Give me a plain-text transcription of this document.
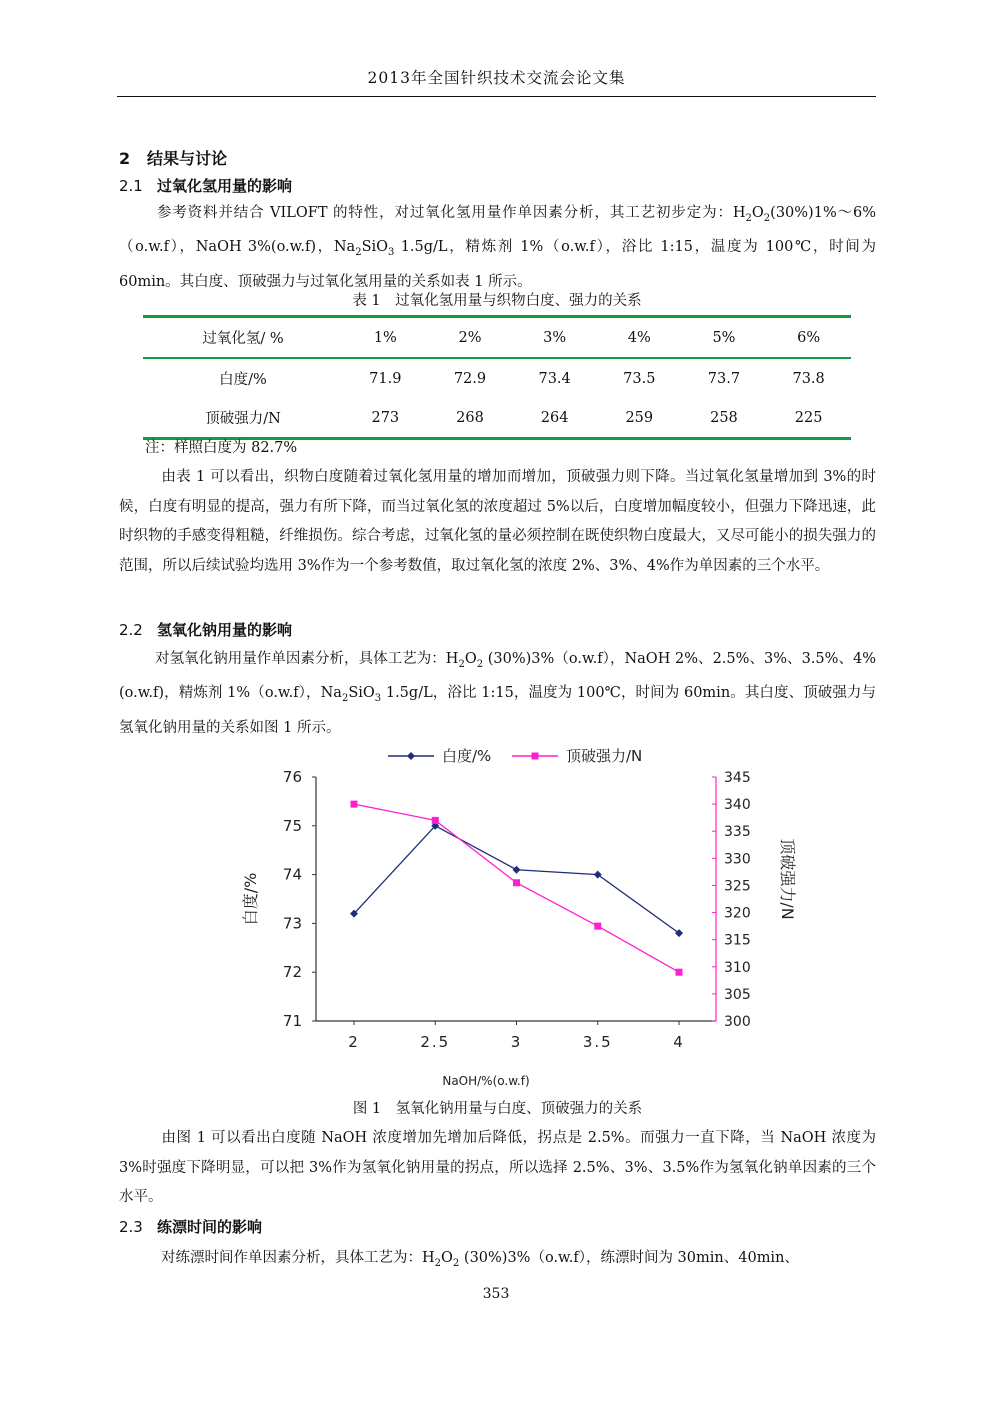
2013年全国针织技术交流会论文集
2 结果与讨论
2.1 过氧化氢用量的影响
参考资料并结合 VILOFT 的特性，对过氧化氢用量作单因素分析，其工艺初步定为：$H_2O_2(30\%)1\%\sim 6\%(o.w.f)$，NaOH 3%(o.w.f)，$Na_2SiO_3$ 1.5g/L，精炼剂 1%（o.w.f），浴比 1:15，温度为 100℃，时间为 60min。其白度、顶破强力与过氧化氢用量的关系如表 1 所示。
表 1　过氧化氢用量与织物白度、强力的关系
过氧化氢/ %	1%	2%	3%	4%	5%	6%
白度/%	71.9	72.9	73.4	73.5	73.7	73.8
顶破强力/N	273	268	264	259	258	225
注：样照白度为 82.7%
由表 1 可以看出，织物白度随着过氧化氢用量的增加而增加，顶破强力则下降。当过氧化氢量增加到 3%的时候，白度有明显的提高，强力有所下降，而当过氧化氢的浓度超过 5%以后，白度增加幅度较小，但强力下降迅速，此时织物的手感变得粗糙，纤维损伤。综合考虑，过氧化氢的量必须控制在既使织物白度最大，又尽可能小的损失强力的范围，所以后续试验均选用 3%作为一个参考数值，取过氧化氢的浓度 2%、3%、4%作为单因素的三个水平。
2.2 氢氧化钠用量的影响
对氢氧化钠用量作单因素分析，具体工艺为：$H_2O_2$ (30%)3%（o.w.f），NaOH 2%、2.5%、3%、3.5%、4%(o.w.f)，精炼剂 1%（o.w.f），$Na_2SiO_3$ 1.5g/L，浴比 1:15，温度为 100℃，时间为 60min。其白度、顶破强力与氢氧化钠用量的关系如图 1 所示。
71
72
73
74
75
76
300
305
310
315
320
325
330
335
340
345
2	2.5	3	3.5	4
NaOH/%(o.w.f)
白度/%	顶破强力/N
白度/%	顶破强力/N
图 1　氢氧化钠用量与白度、顶破强力的关系
由图 1 可以看出白度随 NaOH 浓度增加先增加后降低，拐点是 2.5%。而强力一直下降，当 NaOH 浓度为 3%时强度下降明显，可以把 3%作为氢氧化钠用量的拐点，所以选择 2.5%、3%、3.5%作为氢氧化钠单因素的三个水平。
2.3 练漂时间的影响
对练漂时间作单因素分析，具体工艺为：$H_2O_2$ (30%)3%（o.w.f），练漂时间为 30min、40min、
353
